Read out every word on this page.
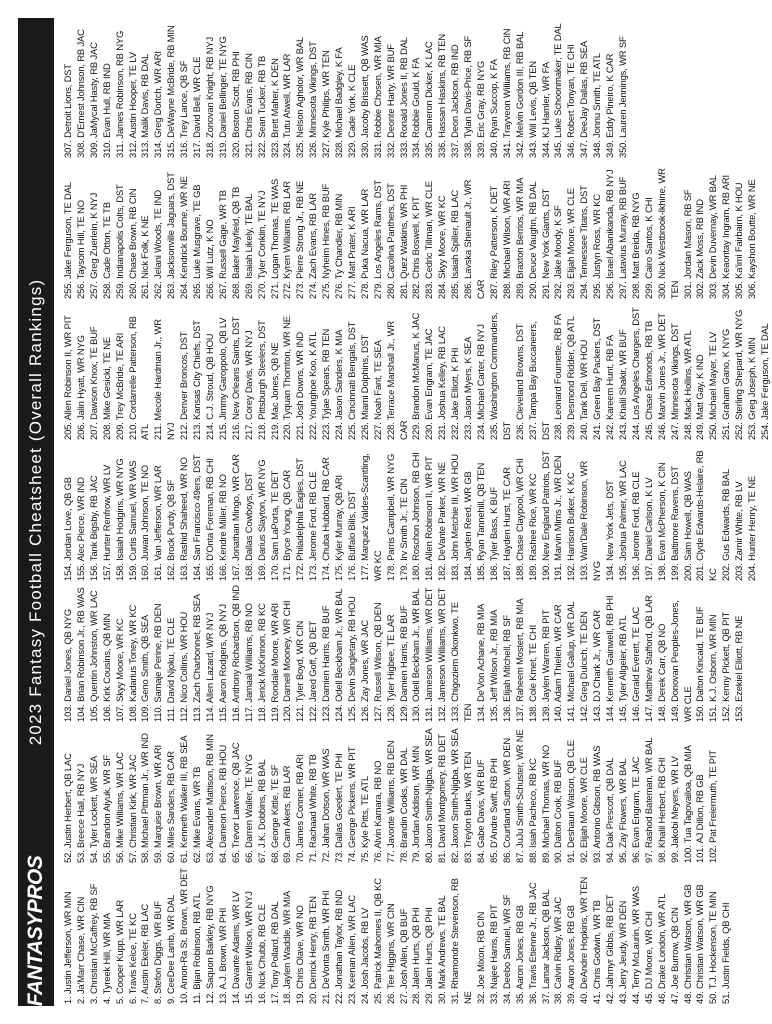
FANTASYPROS
2023 Fantasy Football Cheatsheet (Overall Rankings)
1. Justin Jefferson, WR MIN 2. Ja'Marr Chase, WR CIN 3. Christian McCaffrey, RB SF 4. Tyreek Hill, WR MIA 5. Cooper Kupp, WR LAR 6. Travis Kelce, TE KC 7. Austin Ekeler, RB LAC 8. Stefon Diggs, WR BUF 9. CeeDee Lamb, WR DAL 10. Amon-Ra St. Brown, WR DET 11. Bijan Robinson, RB ATL 12. Saquon Barkley, RB NYG 13. A.J. Brown, WR PHI 14. Davante Adams, WR LV 15. Garrett Wilson, WR NYJ 16. Nick Chubb, RB CLE 17. Tony Pollard, RB DAL 18. Jaylen Waddle, WR MIA 19. Chris Olave, WR NO 20. Derrick Henry, RB TEN 21. DeVonta Smith, WR PHI 22. Jonathan Taylor, RB IND 23. Keenan Allen, WR LAC 24. Josh Jacobs, RB LV 25. Patrick Mahomes II, QB KC 26. Tee Higgins, WR CIN 27. Josh Allen, QB BUF 28. Jalen Hurts, QB PHI 29. Jalen Hurts, QB PHI 30. Mark Andrews, TE BAL 31. Rhamondre Stevenson, RB NE 32. Joe Mixon, RB CIN 33. Najee Harris, RB PIT 34. Deebo Samuel, WR SF 35. Aaron Jones, RB GB 36. Travis Etienne Jr., RB JAC 37. Lamar Jackson, QB BAL 38. Calvin Ridley, WR JAC 39. Aaron Jones, RB GB 40. DeAndre Hopkins, WR TEN 41. Chris Godwin, WR TB 42. Jahmyr Gibbs, RB DET 43. Jerry Jeudy, WR DEN 44. Terry McLaurin, WR WAS 45. DJ Moore, WR CHI 46. Drake London, WR ATL 47. Joe Burrow, QB CIN 48. Christian Watson, WR GB 49. Christian Watson, WR GB 50. T.J. Hockenson, TE MIN 51. Justin Fields, QB CHI
52. Justin Herbert, QB LAC 53. Breece Hall, RB NYJ 54. Tyler Lockett, WR SEA 55. Brandon Aiyuk, WR SF 56. Mike Williams, WR LAC 57. Christian Kirk, WR JAC 58. Michael Pittman Jr., WR IND 59. Marquise Brown, WR ARI 60. Miles Sanders, RB CAR 61. Kenneth Walker III, RB SEA 62. Mike Evans, WR TB 63. Alexander Mattison, RB MIN 64. Dameon Pierce, RB HOU 65. Trevor Lawrence, QB JAC 66. Darren Waller, TE NYG 67. J.K. Dobbins, RB BAL 68. George Kittle, TE SF 69. Cam Akers, RB LAR 70. James Conner, RB ARI 71. Rachaad White, RB TB 72. Jahan Dotson, WR WAS 73. Dallas Goedert, TE PHI 74. George Pickens, WR PIT 75. Kyle Pitts, TE ATL 76. Alvin Kamara, RB NO 77. Javonte Williams, RB DEN 78. Brandin Cooks, WR DAL 79. Jordan Addison, WR MIN 80. Jaxon Smith-Njigba, WR SEA 81. David Montgomery, RB DET 82. Jaxon Smith-Njigba, WR SEA 83. Treylon Burks, WR TEN 84. Gabe Davis, WR BUF 85. D'Andre Swift, RB PHI 86. Courtland Sutton, WR DEN 87. JuJu Smith-Schuster, WR NE 88. Isiah Pacheco, RB KC 89. Michael Thomas, WR NO 90. Dalton Cook, RB BUF 91. Deshaun Watson, QB CLE 92. Elijah Moore, WR CLE 93. Antonio Gibson, RB WAS 94. Dak Prescott, QB DAL 95. Zay Flowers, WR BAL 96. Evan Engram, TE JAC 97. Rashod Bateman, WR BAL 98. Khalil Herbert, RB CHI 99. Jakobi Meyers, WR LV 100. Tua Tagovailoa, QB MIA 101. AJ Dillon, RB GB 102. Pat Freiermuth, TE PIT
103. Daniel Jones, QB NYG 104. Brian Robinson Jr., RB WAS 105. Quentin Johnston, WR LAC 106. Kirk Cousins, QB MIN 107. Skyy Moore, WR KC 108. Kadarius Toney, WR KC 109. Geno Smith, QB SEA 110. Samaje Perine, RB DEN 111. David Njoku, TE CLE 112. Nico Collins, WR HOU 113. Zach Charbonnet, RB SEA 114. Allen Lazard, WR NYJ 115. Aaron Rodgers, QB NYJ 116. Anthony Richardson, QB IND 117. Jamaal Williams, RB NO 118. Jerick McKinnon, RB KC 119. Rondale Moore, WR ARI 120. Darnell Mooney, WR CHI 121. Tyler Boyd, WR CIN 122. Jared Goff, QB DET 123. Damien Harris, RB BUF 124. Odell Beckham Jr., WR BAL 125. Devin Singletary, RB HOU 126. Zay Jones, WR JAC 127. Russell Wilson, QB DEN 128. Tyler Higbee, TE LAR 129. Damien Harris, RB BUF 130. Odell Beckham Jr., WR BAL 131. Jameson Williams, WR DET 132. Jameson Williams, WR DET 133. Chigoziem Okonkwo, TE TEN 134. De'Von Achane, RB MIA 135. Jeff Wilson Jr., RB MIA 136. Elijah Mitchell, RB SF 137. Raheem Mostert, RB MIA 138. Cole Kmet, TE CHI 139. Jaylen Warren, RB PIT 140. Adam Thielen, WR CAR 141. Michael Gallup, WR DAL 142. Greg Dulcich, TE DEN 143. DJ Chark Jr., WR CAR 144. Kenneth Gainwell, RB PHI 145. Tyler Allgeier, RB ATL 146. Gerald Everett, TE LAC 147. Matthew Stafford, QB LAR 148. Derek Carr, QB NO 149. Donovan Peoples-Jones, WR CLE 150. Dalton Kincaid, TE BUF 151. K.J. Osborn, WR MIN 152. Kenny Pickett, QB PIT 153. Ezekiel Elliott, RB NE
154. Jordan Love, QB GB 155. Alec Pierce, WR IND 156. Tank Bigsby, RB JAC 157. Hunter Renfrow, WR LV 158. Isaiah Hodgins, WR NYG 159. Curtis Samuel, WR WAS 160. Juwan Johnson, TE NO 161. Van Jefferson, WR LAR 162. Brock Purdy, QB SF 163. Rashid Shaheed, WR NO 164. San Francisco 49ers, DST 165. D'Onta Foreman, RB CHI 166. Kendre Miller, RB NO 167. Jonathan Mingo, WR CAR 168. Dallas Cowboys, DST 169. Darius Slayton, WR NYG 170. Sam LaPorta, TE DET 171. Bryce Young, QB CAR 172. Philadelphia Eagles, DST 173. Jerome Ford, RB CLE 174. Chuba Hubbard, RB CAR 175. Kyler Murray, QB ARI 176. Buffalo Bills, DST 177. Marquez Valdes-Scantling, WR KC 178. Parris Campbell, WR NYG 179. Irv Smith Jr., TE CIN 180. Roschon Johnson, RB CHI 181. Allen Robinson II, WR PIT 182. DeVante Parker, WR NE 183. John Metchie III, WR HOU 184. Jayden Reed, WR GB 185. Ryan Tannehill, QB TEN 186. Tyler Bass, K BUF 187. Hayden Hurst, TE CAR 188. Chase Claypool, WR CHI 189. Rashee Rice, WR KC 190. New England Patriots, DST 191. Marvin Mims Jr., WR DEN 192. Harrison Butker, K KC 193. Wan'Dale Robinson, WR NYG 194. New York Jets, DST 195. Joshua Palmer, WR LAC 196. Jerome Ford, RB CLE 197. Daniel Carlson, K LV 198. Evan McPherson, K CIN 199. Baltimore Ravens, DST 200. Sam Howell, QB WAS 201. Clyde Edwards-Helaire, RB KC 202. Gus Edwards, RB BAL 203. Zamir White, RB LV 204. Hunter Henry, TE NE
205. Allen Robinson II, WR PIT 206. Jalin Hyatt, WR NYG 207. Dawson Knox, TE BUF 208. Mike Gesicki, TE NE 209. Trey McBride, TE ARI 210. Cordarrelle Patterson, RB ATL 211. Mecole Hardman Jr., WR NYJ 212. Denver Broncos, DST 213. Kansas City Chiefs, DST 214. C.J. Stroud, QB HOU 215. Jimmy Garoppolo, QB LV 216. New Orleans Saints, DST 217. Corey Davis, WR NYJ 218. Pittsburgh Steelers, DST 219. Mac Jones, QB NE 220. Tyquan Thornton, WR NE 221. Josh Downs, WR IND 222. Younghoe Koo, K ATL 223. Tyjae Spears, RB TEN 224. Jason Sanders, K MIA 225. Cincinnati Bengals, DST 226. Miami Dolphins, DST 227. Noah Fant, TE SEA 228. Terrace Marshall Jr., WR CAR 229. Brandon McManus, K JAC 230. Evan Engram, TE JAC 231. Joshua Kelley, RB LAC 232. Jake Elliott, K PHI 233. Jason Myers, K SEA 234. Michael Carter, RB NYJ 235. Washington Commanders, DST 236. Cleveland Browns, DST 237. Tampa Bay Buccaneers, DST 238. Leonard Fournette, RB FA 239. Desmond Ridder, QB ATL 240. Tank Dell, WR HOU 241. Green Bay Packers, DST 242. Kareem Hunt, RB FA 243. Khalil Shakir, WR BUF 244. Los Angeles Chargers, DST 245. Chase Edmonds, RB TB 246. Marvin Jones Jr., WR DET 247. Minnesota Vikings, DST 248. Mack Hollins, WR ATL 249. Matt Gay, K IND 250. Michael Mayer, TE LV 251. Graham Gano, K NYG 252. Sterling Shepard, WR NYG 253. Greg Joseph, K MIN 254. Jake Ferguson, TE DAL
255. Jake Ferguson, TE DAL 256. Taysom Hill, TE NO 257. Greg Zuerlein, K NYJ 258. Cade Otton, TE TB 259. Indianapolis Colts, DST 260. Chase Brown, RB CIN 261. Nick Folk, K NE 262. Jelani Woods, TE IND 263. Jacksonville Jaguars, DST 264. Kendrick Bourne, WR NE 265. Luke Musgrave, TE GB 266. Wil Lutz, K NO 267. Russell Gage, WR TB 268. Baker Mayfield, QB TB 269. Isaiah Likely, TE BAL 270. Tyler Conklin, TE NYJ 271. Logan Thomas, TE WAS 272. Kyren Williams, RB LAR 273. Pierre Strong Jr., RB NE 274. Zach Evans, RB LAR 275. Nyheim Hines, RB BUF 276. Ty Chandler, RB MIN 277. Matt Prater, K ARI 278. Puka Nacua, WR LAR 279. Los Angeles Rams, DST 280. Carolina Panthers, DST 281. Quez Watkins, WR PHI 282. Chris Boswell, K PIT 283. Cedric Tillman, WR CLE 284. Skyy Moore, WR KC 285. Isaiah Spiller, RB LAC 286. Lavska Shenault Jr., WR CAR 287. Riley Patterson, K DET 288. Michael Wilson, WR ARI 289. Braxton Berrios, WR MIA 290. Deuce Vaughn, RB DAL 291. New York Giants, DST 292. Jake Moody, K SF 293. Elijah Moore, WR CLE 294. Tennessee Titans, DST 295. Justyn Ross, WR KC 296. Israel Abanikanda, RB NYJ 297. Latavius Murray, RB BUF 298. Matt Breida, RB NYG 299. Cairo Santos, K CHI 300. Nick Westbrook-Ikhine, WR TEN 301. Jordan Mason, RB SF 302. Zack Moss, RB IND 303. Devin Duvernay, WR BAL 304. Keaontay Ingram, RB ARI 305. Ka'imi Fairbairn, K HOU 306. Kayshon Boutte, WR NE
307. Detroit Lions, DST 308. D'Ernest Johnson, RB JAC 309. JaMycal Hasty, RB JAC 310. Evan Hull, RB IND 311. James Robinson, RB NYG 312. Austin Hooper, TE LV 313. Malik Davis, RB DAL 314. Greg Dortch, WR ARI 315. DeWayne McBride, RB MIN 316. Trey Lance, QB SF 317. David Bell, WR CLE 318. Zonovan Knight, RB NYJ 319. Daniel Bellinger, TE NYG 320. Boston Scott, RB PHI 321. Chris Evans, RB CIN 322. Sean Tucker, RB TB 323. Brett Maher, K DEN 324. Tutu Atwell, WR LAR 325. Nelson Agholor, WR BAL 326. Minnesota Vikings, DST 327. Kyle Philips, WR TEN 328. Michael Badgley, K FA 329. Cade York, K CLE 330. Jacoby Brissett, QB WAS 331. Robbie Chosen, WR MIA 332. Deonte Harty, WR BUF 333. Ronald Jones II, RB DAL 334. Robbie Gould, K FA 335. Cameron Dicker, K LAC 336. Hassan Haskins, RB TEN 337. Deon Jackson, RB IND 338. Tylan Davis-Price, RB SF 339. Eric Gray, RB NYG 340. Ryan Succop, K FA 341. Trayveon Williams, RB CIN 342. Melvin Gordon III, RB BAL 343. Will Levis, QB TEN 344. KJ Hamler, WR FA 345. Luke Schoonmaker, TE DAL 346. Robert Tonyan, TE CHI 347. DeeJay Dallas, RB SEA 348. Jonnu Smith, TE ATL 349. Eddy Pineiro, K CAR 350. Lauren Jennings, WR SF
